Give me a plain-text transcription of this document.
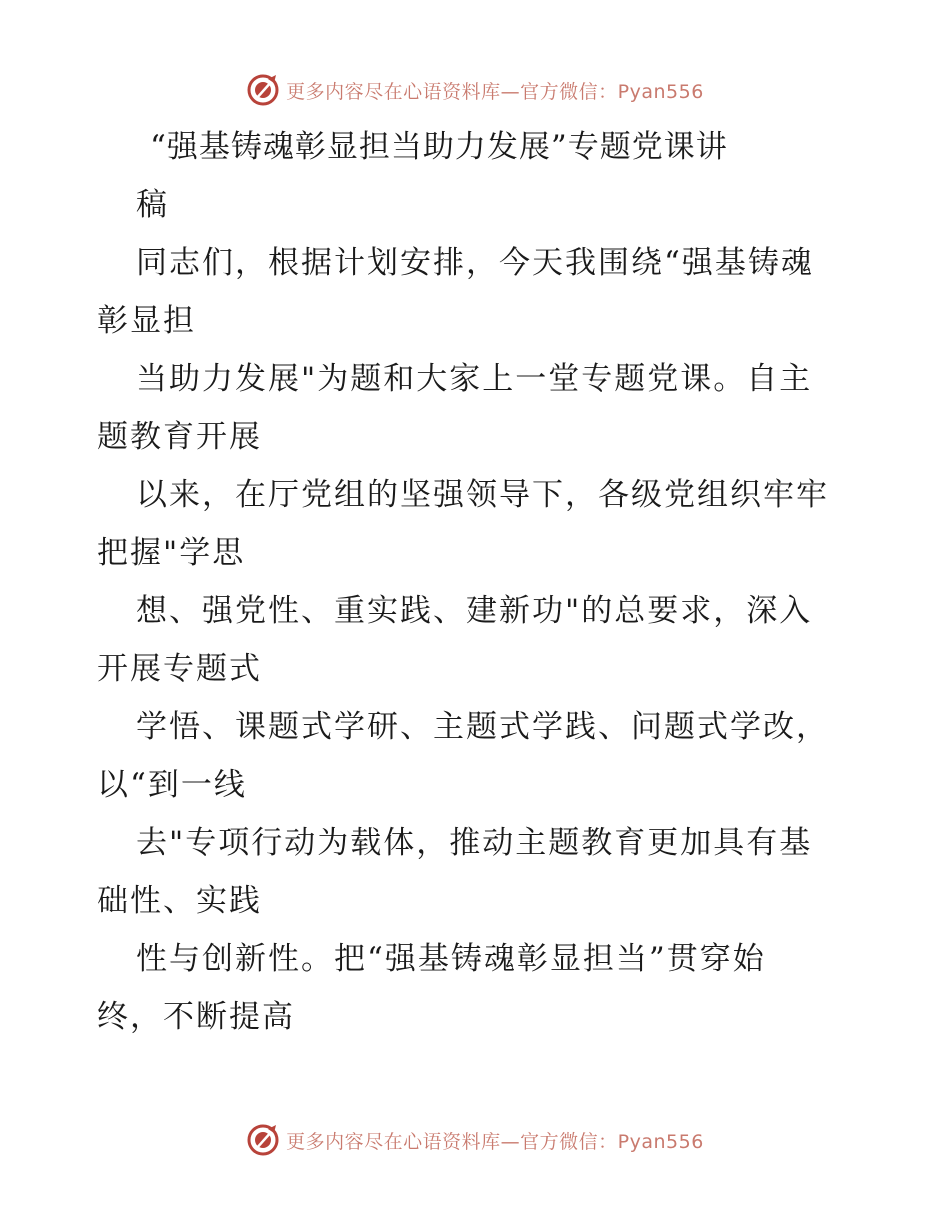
更多内容尽在心语资料库—官方微信：Pyan556
“强基铸魂彰显担当助力发展”专题党课讲
稿

同志们，根据计划安排，今天我围绕“强基铸魂

彰显担

当助力发展"为题和大家上一堂专题党课。自主

题教育开展

以来，在厅党组的坚强领导下，各级党组织牢牢

把握"学思

想、强党性、重实践、建新功"的总要求，深入

开展专题式

学悟、课题式学研、主题式学践、问题式学改，

以“到一线

去"专项行动为载体，推动主题教育更加具有基

础性、实践

性与创新性。把“强基铸魂彰显担当”贯穿始

终，不断提高

更多内容尽在心语资料库—官方微信：Pyan556
